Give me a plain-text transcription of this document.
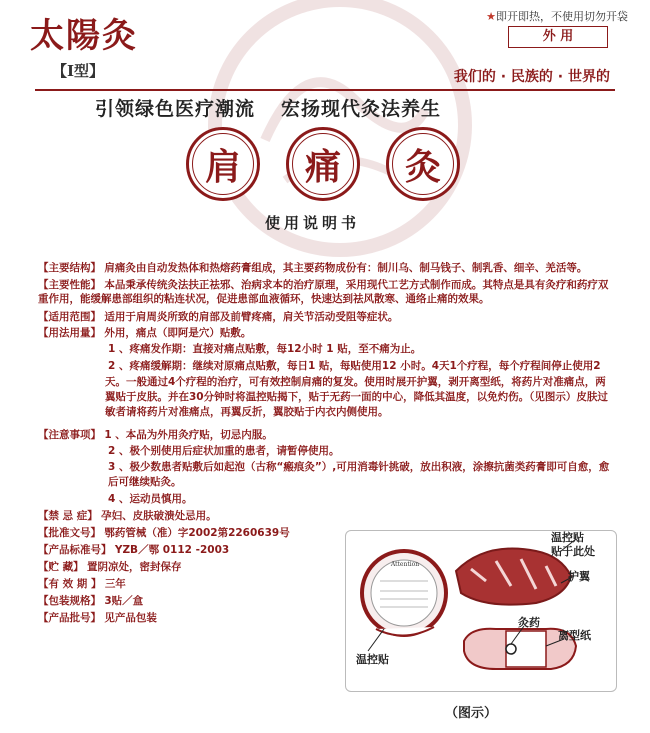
太陽灸
【Ⅰ型】
★即开即热，不使用切勿开袋
外 用
我们的 · 民族的 · 世界的
引领绿色医疗潮流 宏扬现代灸法养生
肩 痛 灸
使用说明书
【主要结构】 肩痛灸由自动发热体和热熔药膏组成，其主要药物成份有：制川乌、制马钱子、制乳香、细辛、羌活等。
【主要性能】 本品秉承传统灸法扶正祛邪、治病求本的治疗原理，采用现代工艺方式制作而成。其特点是具有灸疗和药疗双重作用，能缓解患部组织的粘连状况，促进患部血液循环，快速达到祛风散寒、通络止痛的效果。
【适用范围】 适用于肩周炎所致的肩部及前臂疼痛，肩关节活动受阻等症状。
【用法用量】 外用，痛点（即阿是穴）贴敷。
1 、疼痛发作期：直接对痛点贴敷，每12小时 1 贴，至不痛为止。
2 、疼痛缓解期：继续对原痛点贴敷，每日1 贴，每贴使用12 小时。4天1个疗程，每个疗程间停止使用2
天。一般通过4个疗程的治疗，可有效控制肩痛的复发。使用时展开护翼，剥开离型纸，将药片对准痛点，两翼贴于皮肤。并在30分钟时将温控贴揭下，贴于无药一面的中心，降低其温度，以免灼伤。（见图示）皮肤过敏者请将药片对准痛点，再翼反折，翼胶贴于内衣内侧使用。
【注意事项】 1 、本品为外用灸疗贴，切忌内服。
2 、极个别使用后症状加重的患者，请暂停使用。
3 、极少数患者贴敷后如起泡（古称“瘢痕灸”）,可用消毒针挑破，放出积液，涂擦抗菌类药膏即可自愈，愈后可继续贴灸。
4 、运动员慎用。
【禁 忌 症】 孕妇、皮肤破溃处忌用。
【批准文号】 鄂药管械（准）字2002第2260639号
【产品标准号】 YZB／鄂 0112 -2003
【贮 藏】 置阴凉处，密封保存
【有 效 期 】 三年
【包装规格】 3贴／盒
【产品批号】 见产品包装
Attention
温控贴
贴于此处
护翼
灸药
离型纸
温控贴
（图示）
